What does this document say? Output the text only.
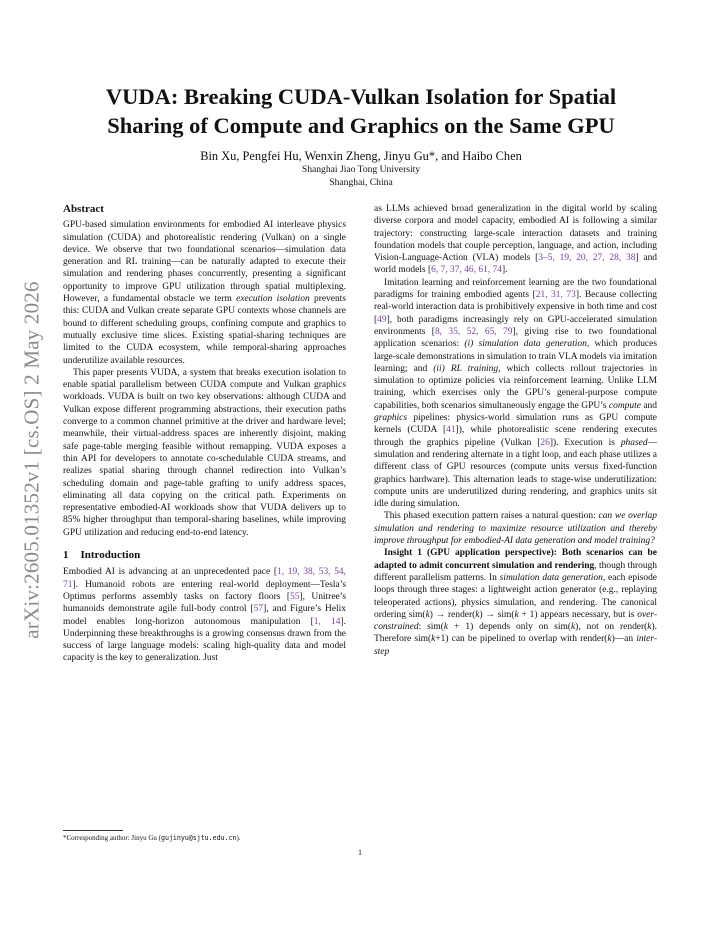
arXiv:2605.01352v1 [cs.OS] 2 May 2026
VUDA: Breaking CUDA-Vulkan Isolation for Spatial
Sharing of Compute and Graphics on the Same GPU
Bin Xu, Pengfei Hu, Wenxin Zheng, Jinyu Gu*, and Haibo Chen
Shanghai Jiao Tong University
Shanghai, China
Abstract

GPU-based simulation environments for embodied AI interleave physics simulation (CUDA) and photorealistic rendering (Vulkan) on a single device. We observe that two foundational scenarios—simulation data generation and RL training—can be naturally adapted to execute their simulation and rendering phases concurrently, presenting a significant opportunity to improve GPU utilization through spatial multiplexing. However, a fundamental obstacle we term execution isolation prevents this: CUDA and Vulkan create separate GPU contexts whose channels are bound to different scheduling groups, confining compute and graphics to mutually exclusive time slices. Existing spatial-sharing techniques are limited to the CUDA ecosystem, while temporal-sharing approaches underutilize available resources.

This paper presents VUDA, a system that breaks execution isolation to enable spatial parallelism between CUDA compute and Vulkan graphics workloads. VUDA is built on two key observations: although CUDA and Vulkan expose different programming abstractions, their execution paths converge to a common channel primitive at the driver and hardware level; meanwhile, their virtual-address spaces are inherently disjoint, making safe page-table merging feasible without remapping. VUDA exposes a thin API for developers to annotate co-schedulable CUDA streams, and realizes spatial sharing through channel redirection into Vulkan’s scheduling domain and page-table grafting to unify address spaces, eliminating all data copying on the critical path. Experiments on representative embodied-AI workloads show that VUDA delivers up to 85% higher throughput than temporal-sharing baselines, while improving GPU utilization and reducing end-to-end latency.

1 Introduction

Embodied AI is advancing at an unprecedented pace [1, 19, 38, 53, 54, 71]. Humanoid robots are entering real-world deployment—Tesla’s Optimus performs assembly tasks on factory floors [55], Unitree’s humanoids demonstrate agile full-body control [57], and Figure’s Helix model enables long-horizon autonomous manipulation [1, 14]. Underpinning these breakthroughs is a growing consensus drawn from the success of large language models: scaling high-quality data and model capacity is the key to generalization. Just

as LLMs achieved broad generalization in the digital world by scaling diverse corpora and model capacity, embodied AI is following a similar trajectory: constructing large-scale interaction datasets and training foundation models that couple perception, language, and action, including Vision-Language-Action (VLA) models [3–5, 19, 20, 27, 28, 38] and world models [6, 7, 37, 46, 61, 74].

Imitation learning and reinforcement learning are the two foundational paradigms for training embodied agents [21, 31, 73]. Because collecting real-world interaction data is prohibitively expensive in both time and cost [49], both paradigms increasingly rely on GPU-accelerated simulation environments [8, 35, 52, 65, 79], giving rise to two foundational application scenarios: (i) simulation data generation, which produces large-scale demonstrations in simulation to train VLA models via imitation learning; and (ii) RL training, which collects rollout trajectories in simulation to optimize policies via reinforcement learning. Unlike LLM training, which exercises only the GPU’s general-purpose compute capabilities, both scenarios simultaneously engage the GPU’s compute and graphics pipelines: physics-world simulation runs as GPU compute kernels (CUDA [41]), while photorealistic scene rendering executes through the graphics pipeline (Vulkan [26]). Execution is phased—simulation and rendering alternate in a tight loop, and each phase utilizes a different class of GPU resources (compute units versus fixed-function graphics hardware). This alternation leads to stage-wise underutilization: compute units are underutilized during rendering, and graphics units sit idle during simulation.

This phased execution pattern raises a natural question: can we overlap simulation and rendering to maximize resource utilization and thereby improve throughput for embodied-AI data generation and model training?

Insight 1 (GPU application perspective): Both scenarios can be adapted to admit concurrent simulation and rendering, though through different parallelism patterns. In simulation data generation, each episode loops through three stages: a lightweight action generator (e.g., replaying teleoperated actions), physics simulation, and rendering. The canonical ordering sim(k) → render(k) → sim(k + 1) appears necessary, but is over-constrained: sim(k + 1) depends only on sim(k), not on render(k). Therefore sim(k+1) can be pipelined to overlap with render(k)—an inter-step

*Corresponding author: Jinyu Gu (gujinyu@sjtu.edu.cn).
1
